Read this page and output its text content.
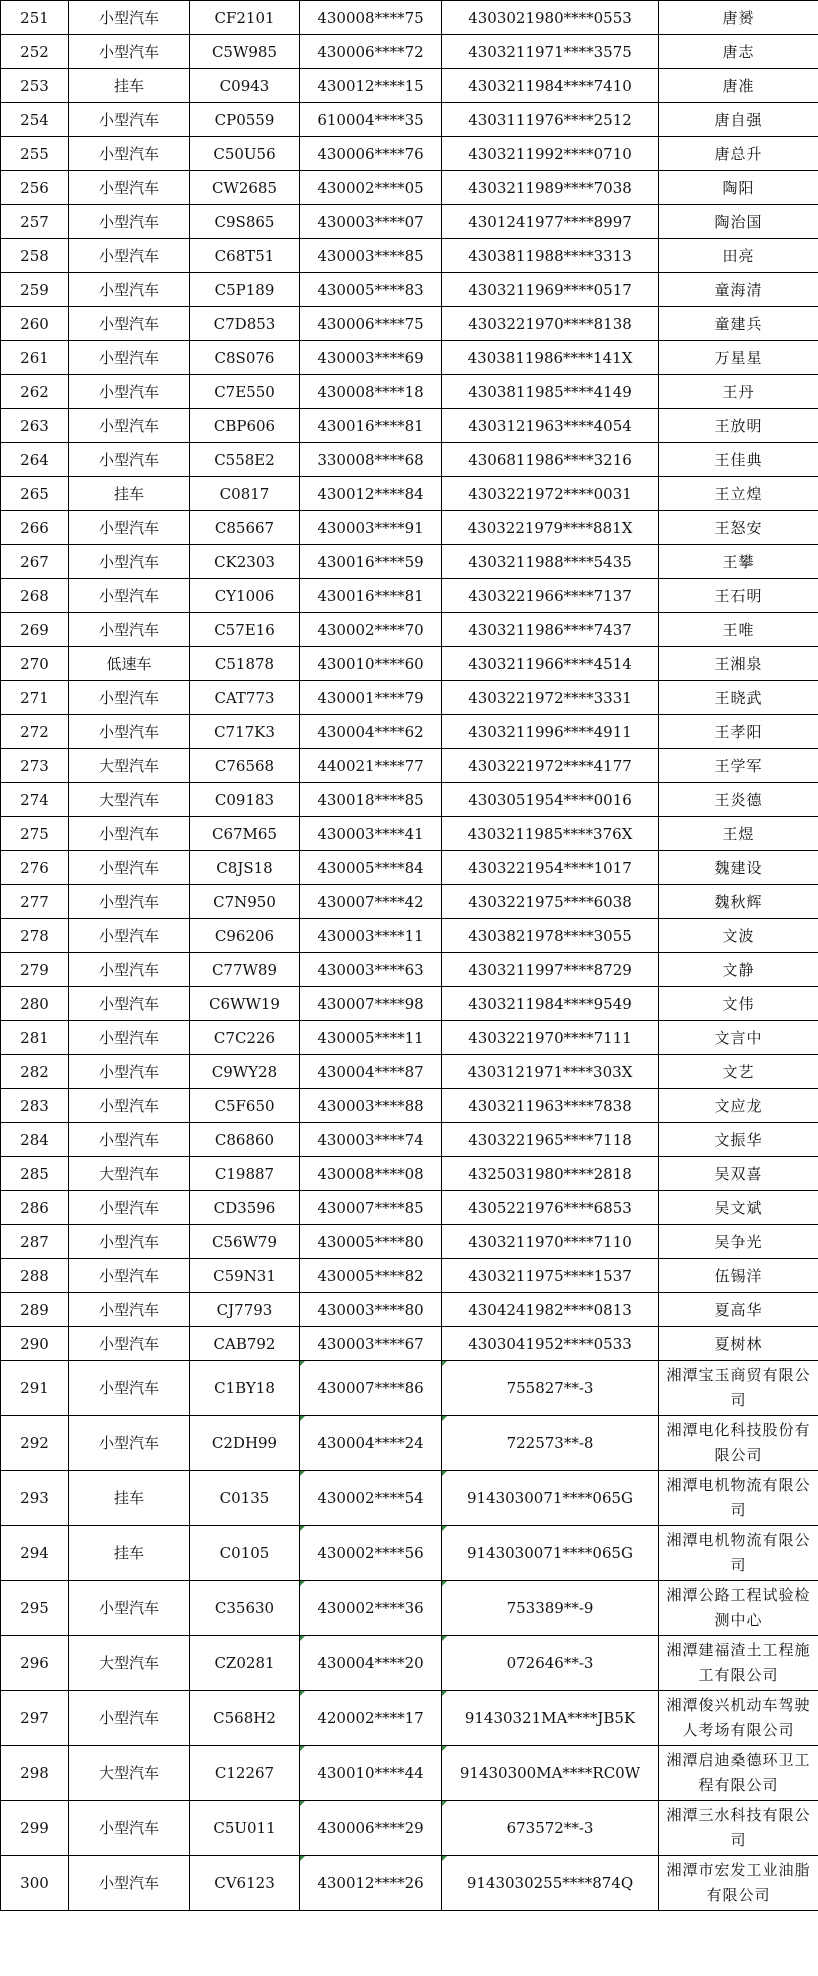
251	小型汽车	CF2101	430008****75	4303021980****0553	唐赟
252	小型汽车	C5W985	430006****72	4303211971****3575	唐志
253	挂车	C0943	430012****15	4303211984****7410	唐准
254	小型汽车	CP0559	610004****35	4303111976****2512	唐自强
255	小型汽车	C50U56	430006****76	4303211992****0710	唐总升
256	小型汽车	CW2685	430002****05	4303211989****7038	陶阳
257	小型汽车	C9S865	430003****07	4301241977****8997	陶治国
258	小型汽车	C68T51	430003****85	4303811988****3313	田亮
259	小型汽车	C5P189	430005****83	4303211969****0517	童海清
260	小型汽车	C7D853	430006****75	4303221970****8138	童建兵
261	小型汽车	C8S076	430003****69	4303811986****141X	万星星
262	小型汽车	C7E550	430008****18	4303811985****4149	王丹
263	小型汽车	CBP606	430016****81	4303121963****4054	王放明
264	小型汽车	C558E2	330008****68	4306811986****3216	王佳典
265	挂车	C0817	430012****84	4303221972****0031	王立煌
266	小型汽车	C85667	430003****91	4303221979****881X	王怒安
267	小型汽车	CK2303	430016****59	4303211988****5435	王攀
268	小型汽车	CY1006	430016****81	4303221966****7137	王石明
269	小型汽车	C57E16	430002****70	4303211986****7437	王唯
270	低速车	C51878	430010****60	4303211966****4514	王湘泉
271	小型汽车	CAT773	430001****79	4303221972****3331	王晓武
272	小型汽车	C717K3	430004****62	4303211996****4911	王孝阳
273	大型汽车	C76568	440021****77	4303221972****4177	王学军
274	大型汽车	C09183	430018****85	4303051954****0016	王炎德
275	小型汽车	C67M65	430003****41	4303211985****376X	王煜
276	小型汽车	C8JS18	430005****84	4303221954****1017	魏建设
277	小型汽车	C7N950	430007****42	4303221975****6038	魏秋辉
278	小型汽车	C96206	430003****11	4303821978****3055	文波
279	小型汽车	C77W89	430003****63	4303211997****8729	文静
280	小型汽车	C6WW19	430007****98	4303211984****9549	文伟
281	小型汽车	C7C226	430005****11	4303221970****7111	文言中
282	小型汽车	C9WY28	430004****87	4303121971****303X	文艺
283	小型汽车	C5F650	430003****88	4303211963****7838	文应龙
284	小型汽车	C86860	430003****74	4303221965****7118	文振华
285	大型汽车	C19887	430008****08	4325031980****2818	吴双喜
286	小型汽车	CD3596	430007****85	4305221976****6853	吴文斌
287	小型汽车	C56W79	430005****80	4303211970****7110	吴争光
288	小型汽车	C59N31	430005****82	4303211975****1537	伍锡洋
289	小型汽车	CJ7793	430003****80	4304241982****0813	夏高华
290	小型汽车	CAB792	430003****67	4303041952****0533	夏树林
291	小型汽车	C1BY18	430007****86	755827**-3	湘潭宝玉商贸有限公司
292	小型汽车	C2DH99	430004****24	722573**-8	湘潭电化科技股份有限公司
293	挂车	C0135	430002****54	9143030071****065G	湘潭电机物流有限公司
294	挂车	C0105	430002****56	9143030071****065G	湘潭电机物流有限公司
295	小型汽车	C35630	430002****36	753389**-9	湘潭公路工程试验检测中心
296	大型汽车	CZ0281	430004****20	072646**-3	湘潭建福渣土工程施工有限公司
297	小型汽车	C568H2	420002****17	91430321MA****JB5K	湘潭俊兴机动车驾驶人考场有限公司
298	大型汽车	C12267	430010****44	91430300MA****RC0W	湘潭启迪桑德环卫工程有限公司
299	小型汽车	C5U011	430006****29	673572**-3	湘潭三水科技有限公司
300	小型汽车	CV6123	430012****26	9143030255****874Q	湘潭市宏发工业油脂有限公司
